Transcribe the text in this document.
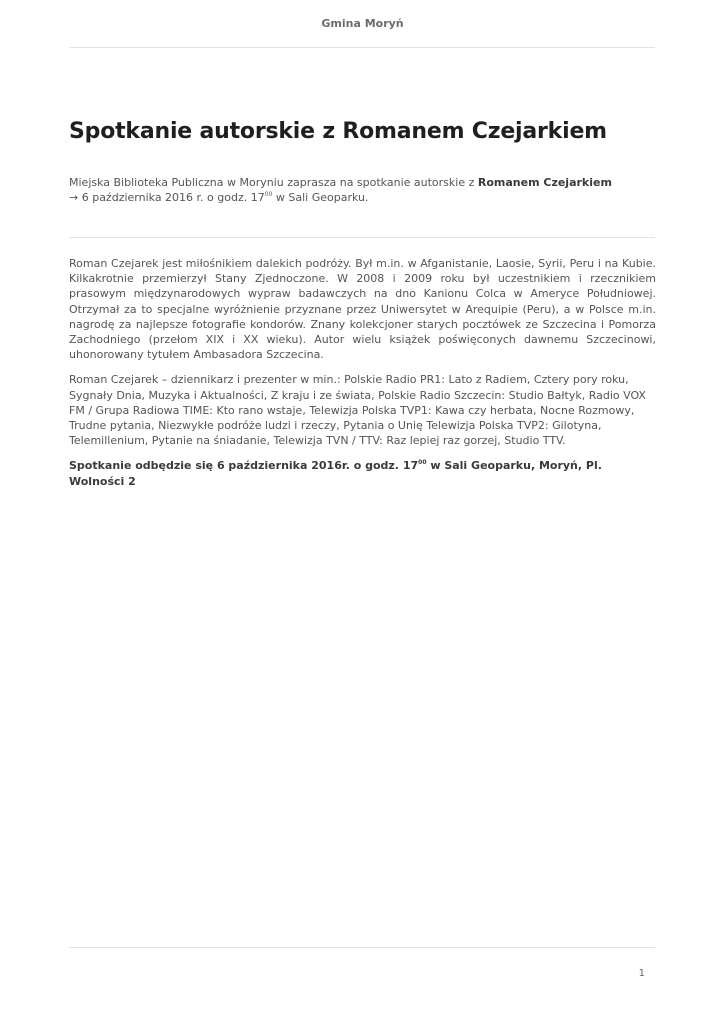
Gmina Moryń
Spotkanie autorskie z Romanem Czejarkiem
Miejska Biblioteka Publiczna w Moryniu zaprasza na spotkanie autorskie z Romanem Czejarkiem
→ 6 października 2016 r. o godz. $17^{00}$ w Sali Geoparku.

Roman Czejarek jest miłośnikiem dalekich podróży. Był m.in. w Afganistanie, Laosie, Syrii, Peru i na Kubie. Kilkakrotnie przemierzył Stany Zjednoczone. W 2008 i 2009 roku był uczestnikiem i rzecznikiem prasowym międzynarodowych wypraw badawczych na dno Kanionu Colca w Ameryce Południowej. Otrzymał za to specjalne wyróżnienie przyznane przez Uniwersytet w Arequipie (Peru), a w Polsce m.in. nagrodę za najlepsze fotografie kondorów. Znany kolekcjoner starych pocztówek ze Szczecina i Pomorza Zachodniego (przełom XIX i XX wieku). Autor wielu książek poświęconych dawnemu Szczecinowi, uhonorowany tytułem Ambasadora Szczecina.

Roman Czejarek – dziennikarz i prezenter w min.: Polskie Radio PR1: Lato z Radiem, Cztery pory roku, Sygnały Dnia, Muzyka i Aktualności, Z kraju i ze świata, Polskie Radio Szczecin: Studio Bałtyk, Radio VOX FM / Grupa Radiowa TIME: Kto rano wstaje, Telewizja Polska TVP1: Kawa czy herbata, Nocne Rozmowy, Trudne pytania, Niezwykłe podróże ludzi i rzeczy, Pytania o Unię Telewizja Polska TVP2: Gilotyna, Telemillenium, Pytanie na śniadanie, Telewizja TVN / TTV: Raz lepiej raz gorzej, Studio TTV.

Spotkanie odbędzie się 6 października 2016r. o godz. $17^{00}$ w Sali Geoparku, Moryń, Pl. Wolności 2

1
